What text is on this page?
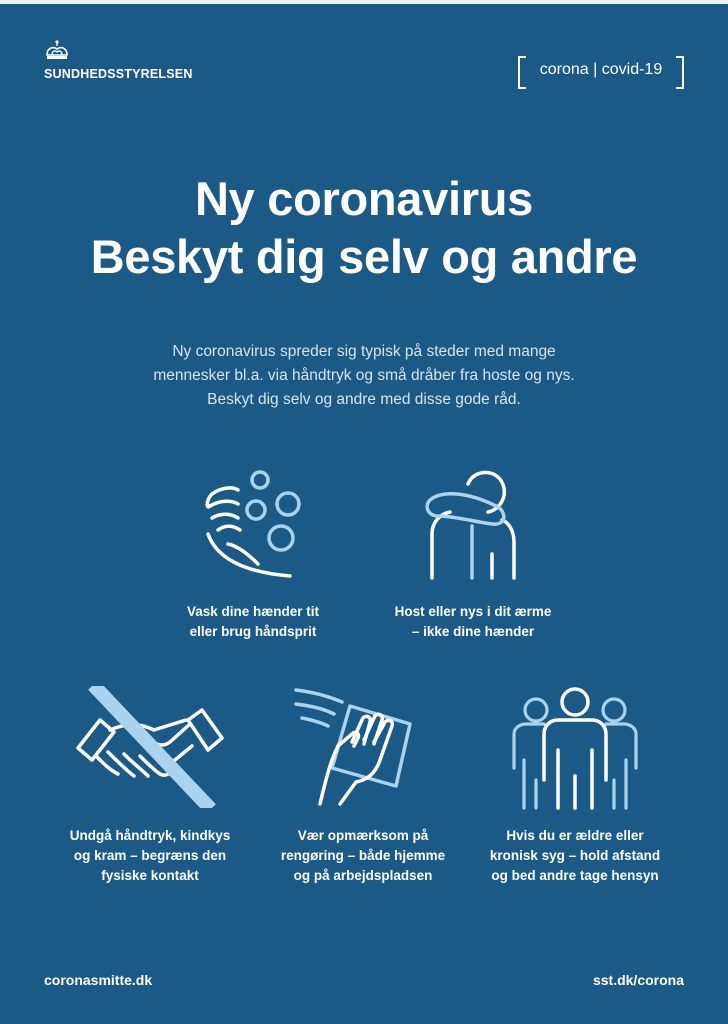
SUNDHEDSSTYRELSEN	corona | covid-19
Ny coronavirus
Beskyt dig selv og andre
Ny coronavirus spreder sig typisk på steder med mange
mennesker bl.a. via håndtryk og små dråber fra hoste og nys.
Beskyt dig selv og andre med disse gode råd.
Vask dine hænder tit
eller brug håndsprit
Host eller nys i dit ærme
– ikke dine hænder
Undgå håndtryk, kindkys
og kram – begræns den
fysiske kontakt
Vær opmærksom på
rengøring – både hjemme
og på arbejdspladsen
Hvis du er ældre eller
kronisk syg – hold afstand
og bed andre tage hensyn
coronasmitte.dk	sst.dk/corona
